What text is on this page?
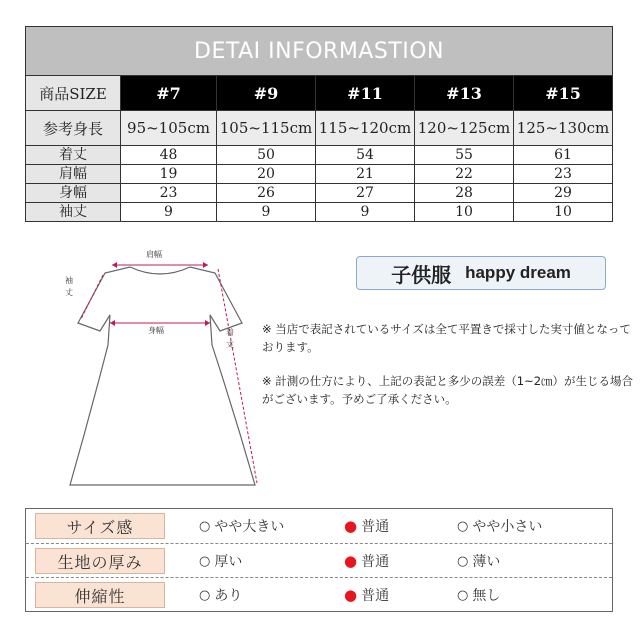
DETAI INFORMASTION					
商品SIZE	#7	#9	#11	#13	#15
参考身長	95~105cm	105~115cm	115~120cm	120~125cm	125~130cm
着丈	48	50	54	55	61
肩幅	19	20	21	22	23
身幅	23	26	27	28	29
袖丈	9	9	9	10	10
肩幅
袖
丈
身幅	着
丈
子供服 happy dream

※ 当店で表記されているサイズは全て平置きで採寸した実寸値となっております。

※ 計測の仕方により、上記の表記と多少の誤差（1~2㎝）が生じる場合がございます。予めご了承ください。

サイズ感	○ やや大きい	● 普通	○ やや小さい
生地の厚み	○ 厚い	● 普通	○ 薄い
伸縮性	○ あり	● 普通	○ 無し
